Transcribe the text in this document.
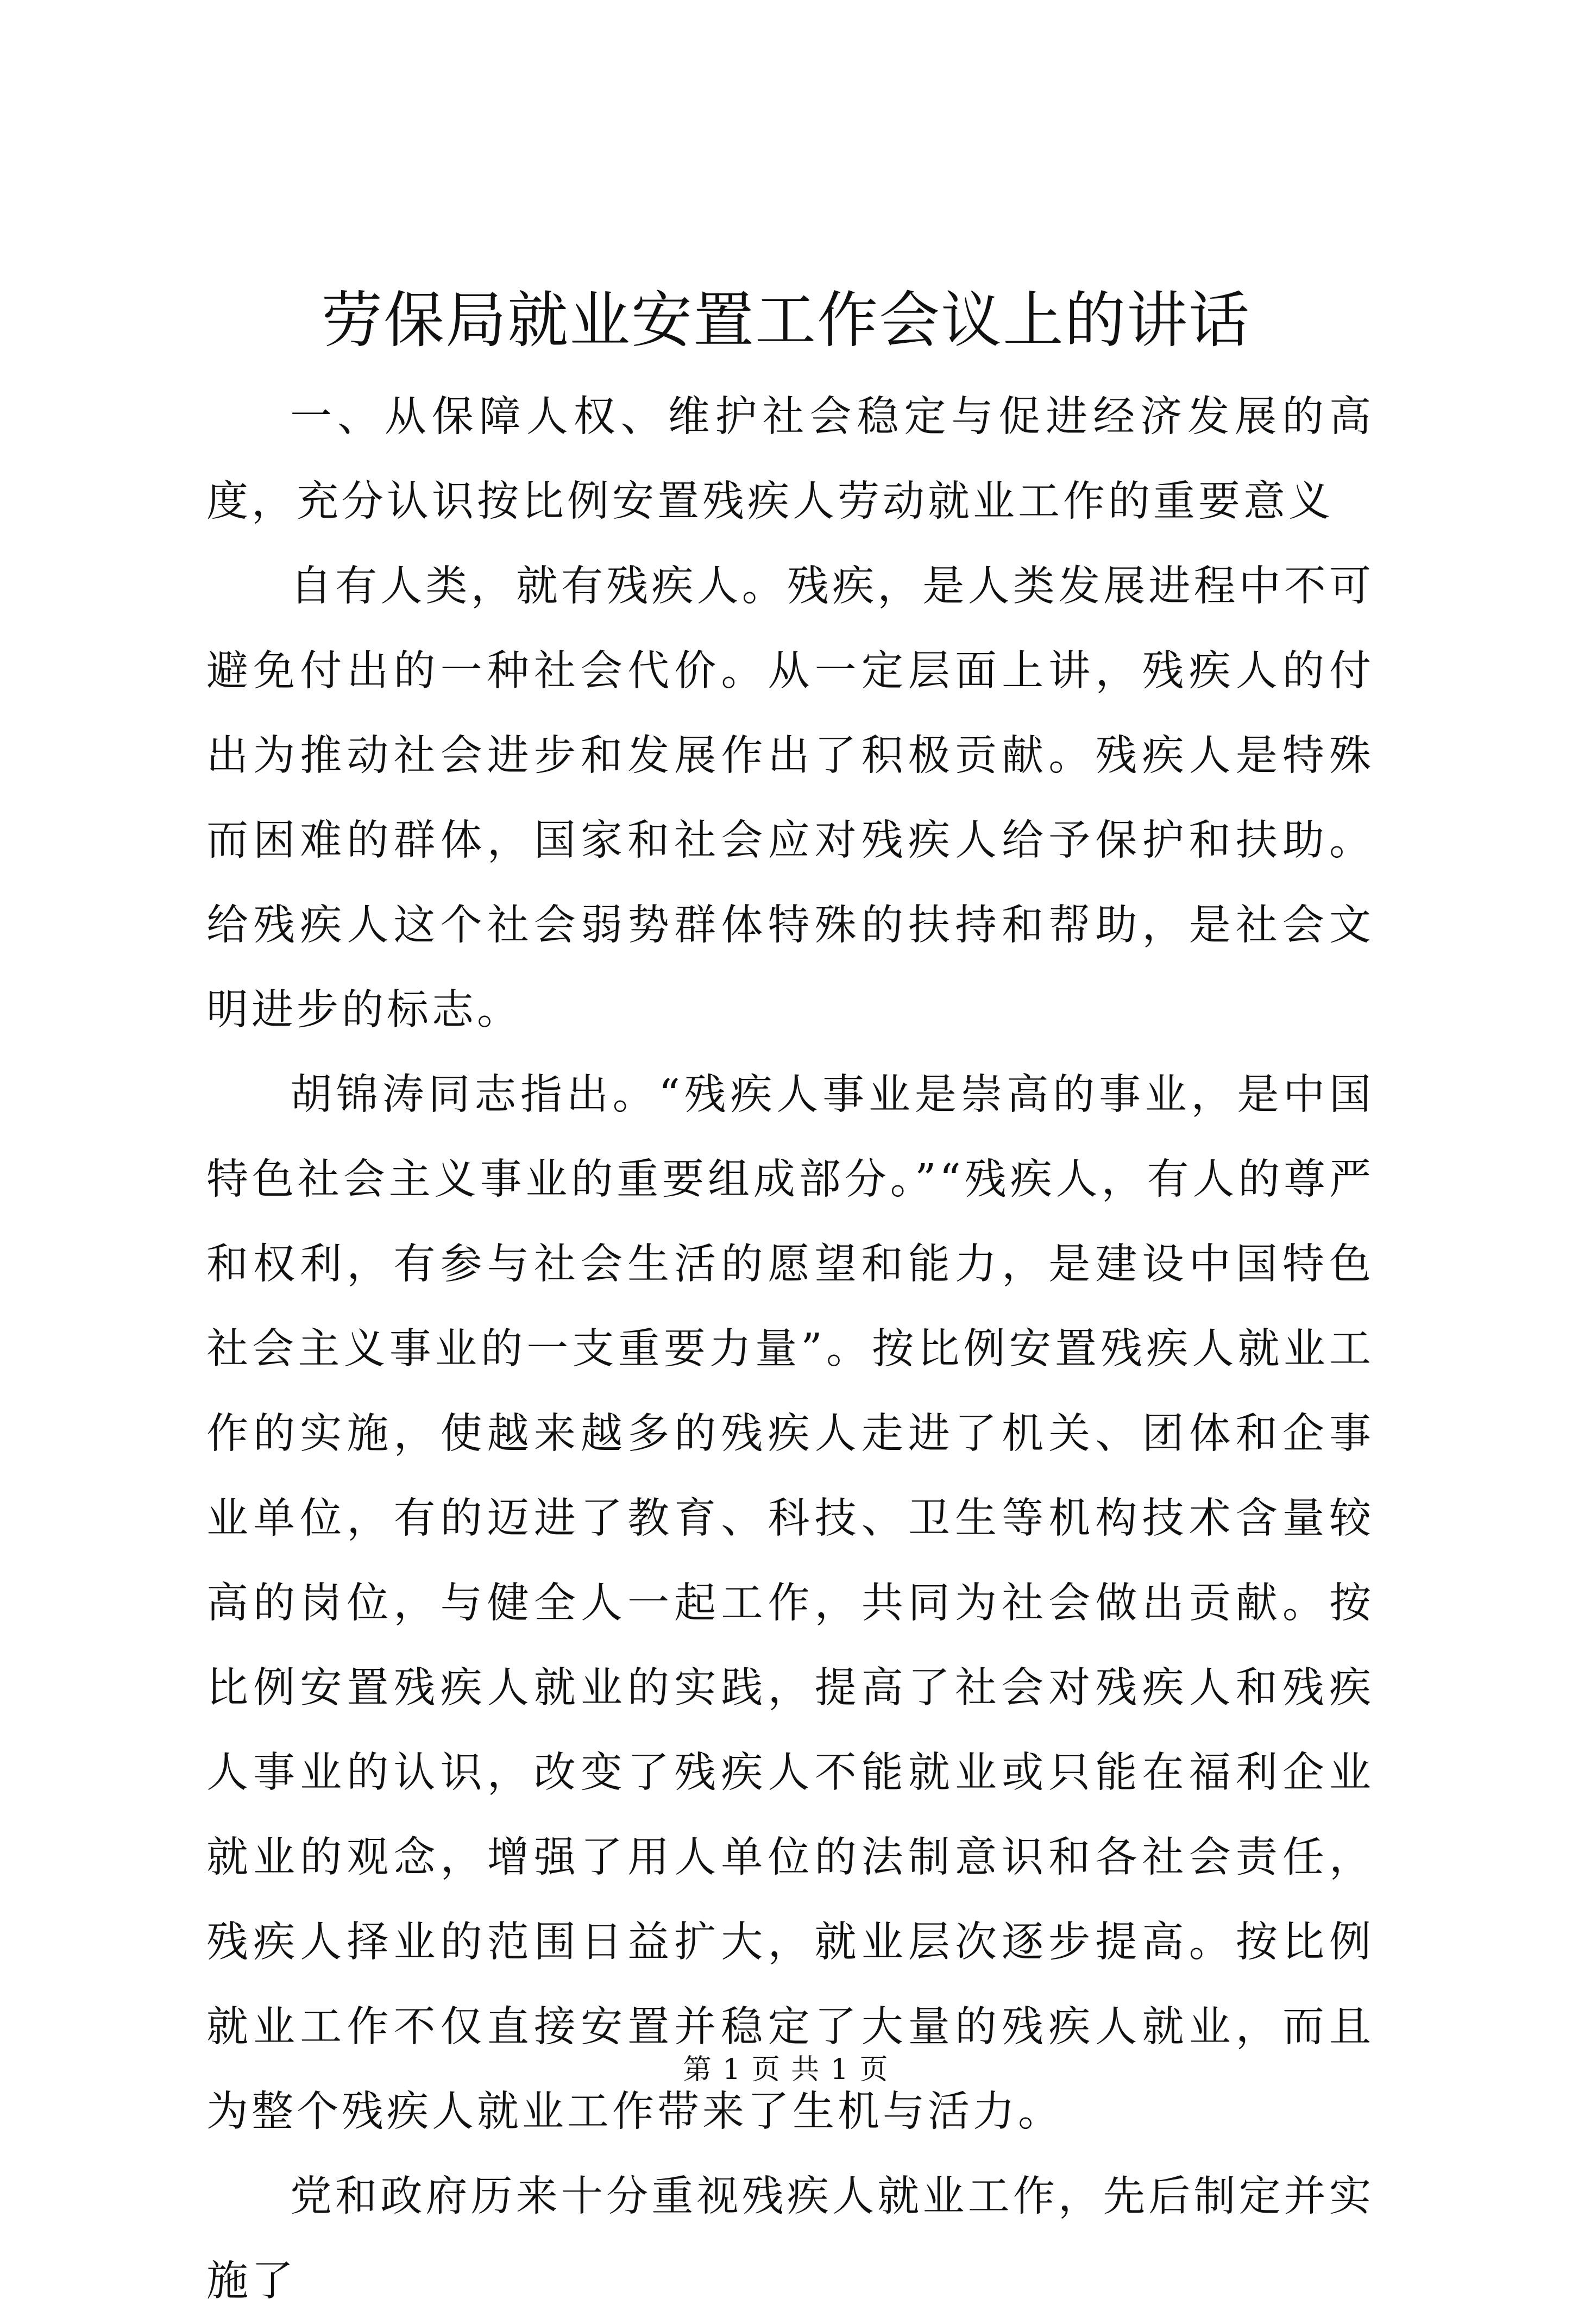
劳保局就业安置工作会议上的讲话

一、从保障人权、维护社会稳定与促进经济发展的高度，充分认识按比例安置残疾人劳动就业工作的重要意义

自有人类，就有残疾人。残疾，是人类发展进程中不可避免付出的一种社会代价。从一定层面上讲，残疾人的付出为推动社会进步和发展作出了积极贡献。残疾人是特殊而困难的群体，国家和社会应对残疾人给予保护和扶助。给残疾人这个社会弱势群体特殊的扶持和帮助，是社会文明进步的标志。

胡锦涛同志指出。“残疾人事业是崇高的事业，是中国特色社会主义事业的重要组成部分。”“残疾人，有人的尊严和权利，有参与社会生活的愿望和能力，是建设中国特色社会主义事业的一支重要力量”。按比例安置残疾人就业工作的实施，使越来越多的残疾人走进了机关、团体和企事业单位，有的迈进了教育、科技、卫生等机构技术含量较高的岗位，与健全人一起工作，共同为社会做出贡献。按比例安置残疾人就业的实践，提高了社会对残疾人和残疾人事业的认识，改变了残疾人不能就业或只能在福利企业就业的观念，增强了用人单位的法制意识和各社会责任，残疾人择业的范围日益扩大，就业层次逐步提高。按比例就业工作不仅直接安置并稳定了大量的残疾人就业，而且为整个残疾人就业工作带来了生机与活力。

党和政府历来十分重视残疾人就业工作，先后制定并实施了

第 1 页 共 1 页
